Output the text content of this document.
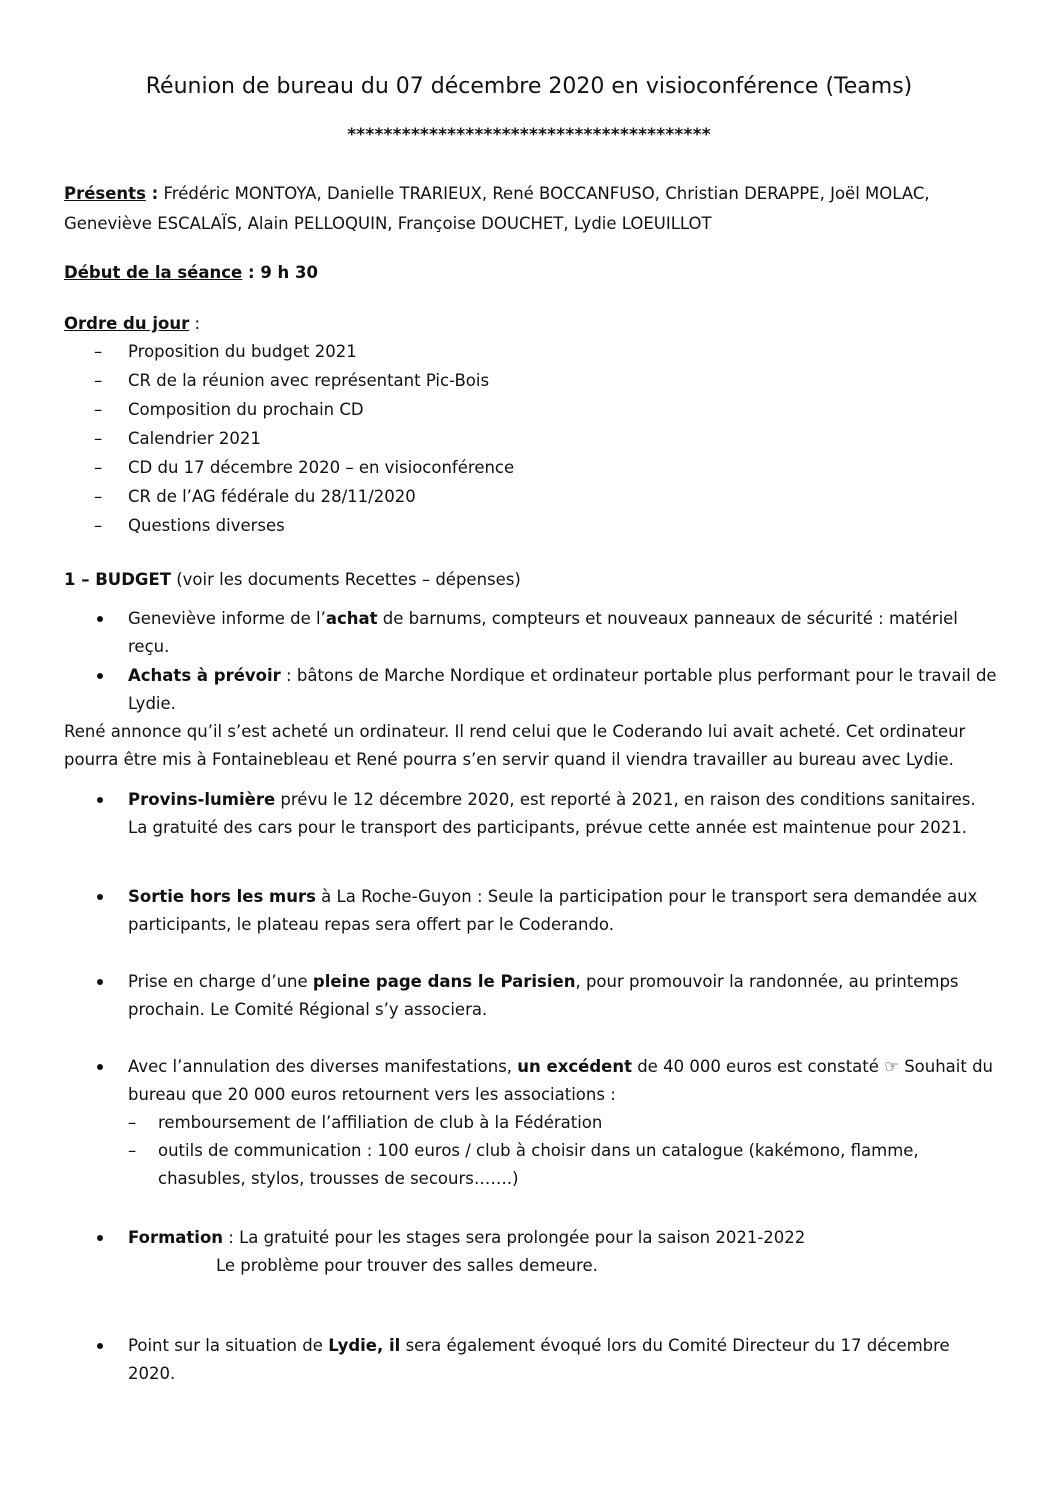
Réunion de bureau du 07 décembre 2020 en visioconférence (Teams)
****************************************
Présents : Frédéric MONTOYA, Danielle TRARIEUX, René BOCCANFUSO, Christian DERAPPE, Joël MOLAC,
Geneviève ESCALAÏS, Alain PELLOQUIN, Françoise DOUCHET, Lydie LOEUILLOT
Début de la séance : 9 h 30
Ordre du jour :
– Proposition du budget 2021
– CR de la réunion avec représentant Pic-Bois
– Composition du prochain CD
– Calendrier 2021
– CD du 17 décembre 2020 – en visioconférence
– CR de l’AG fédérale du 28/11/2020
– Questions diverses
1 – BUDGET (voir les documents Recettes – dépenses)
Geneviève informe de l’achat de barnums, compteurs et nouveaux panneaux de sécurité : matériel reçu.
Achats à prévoir : bâtons de Marche Nordique et ordinateur portable plus performant pour le travail de Lydie.
René annonce qu’il s’est acheté un ordinateur. Il rend celui que le Coderando lui avait acheté. Cet ordinateur
pourra être mis à Fontainebleau et René pourra s’en servir quand il viendra travailler au bureau avec Lydie.
Provins-lumière prévu le 12 décembre 2020, est reporté à 2021, en raison des conditions sanitaires. La gratuité des cars pour le transport des participants, prévue cette année est maintenue pour 2021.
Sortie hors les murs à La Roche-Guyon : Seule la participation pour le transport sera demandée aux participants, le plateau repas sera offert par le Coderando.
Prise en charge d’une pleine page dans le Parisien, pour promouvoir la randonnée, au printemps prochain. Le Comité Régional s’y associera.
Avec l’annulation des diverses manifestations, un excédent de 40 000 euros est constaté ☞ Souhait du bureau que 20 000 euros retournent vers les associations :
– remboursement de l’affiliation de club à la Fédération
– outils de communication : 100 euros / club à choisir dans un catalogue (kakémono, flamme, chasubles, stylos, trousses de secours…….)
Formation : La gratuité pour les stages sera prolongée pour la saison 2021-2022
Le problème pour trouver des salles demeure.
Point sur la situation de Lydie, il sera également évoqué lors du Comité Directeur du 17 décembre 2020.
